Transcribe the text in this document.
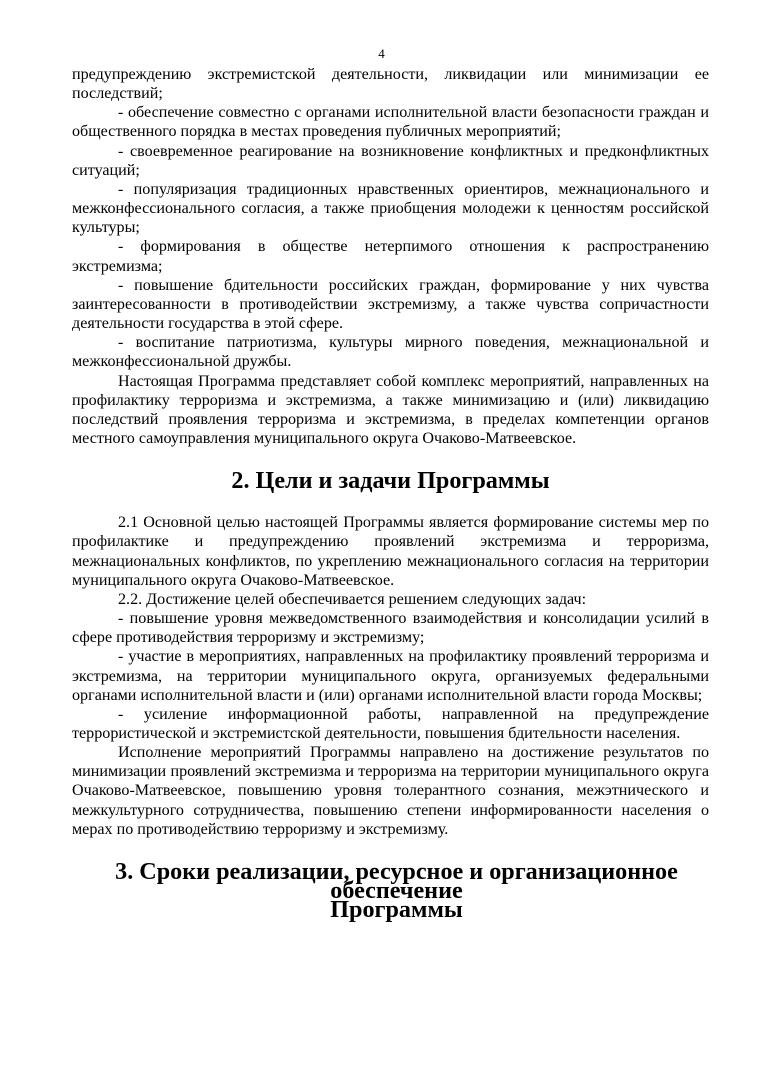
4

предупреждению экстремистской деятельности, ликвидации или минимизации ее последствий;

- обеспечение совместно с органами исполнительной власти безопасности граждан и общественного порядка в местах проведения публичных мероприятий;

- своевременное реагирование на возникновение конфликтных и предконфликтных ситуаций;

- популяризация традиционных нравственных ориентиров, межнационального и межконфессионального согласия, а также приобщения молодежи к ценностям российской культуры;

- формирования в обществе нетерпимого отношения к распространению экстремизма;

- повышение бдительности российских граждан, формирование у них чувства заинтересованности в противодействии экстремизму, а также чувства сопричастности деятельности государства в этой сфере.

- воспитание патриотизма, культуры мирного поведения, межнациональной и межконфессиональной дружбы.

Настоящая Программа представляет собой комплекс мероприятий, направленных на профилактику терроризма и экстремизма, а также минимизацию и (или) ликвидацию последствий проявления терроризма и экстремизма, в пределах компетенции органов местного самоуправления муниципального округа Очаково-Матвеевское.

2. Цели и задачи Программы

2.1 Основной целью настоящей Программы является формирование системы мер по профилактике и предупреждению проявлений экстремизма и терроризма, межнациональных конфликтов, по укреплению межнационального согласия на территории муниципального округа Очаково-Матвеевское.

2.2. Достижение целей обеспечивается решением следующих задач:

- повышение уровня межведомственного взаимодействия и консолидации усилий в сфере противодействия терроризму и экстремизму;

- участие в мероприятиях, направленных на профилактику проявлений терроризма и экстремизма, на территории муниципального округа, организуемых федеральными органами исполнительной власти и (или) органами исполнительной власти города Москвы;

- усиление информационной работы, направленной на предупреждение террористической и экстремистской деятельности, повышения бдительности населения.

Исполнение мероприятий Программы направлено на достижение результатов по минимизации проявлений экстремизма и терроризма на территории муниципального округа Очаково-Матвеевское, повышению уровня толерантного сознания, межэтнического и межкультурного сотрудничества, повышению степени информированности населения о мерах по противодействию терроризму и экстремизму.

3. Сроки реализации, ресурсное и организационное обеспечение
Программы
